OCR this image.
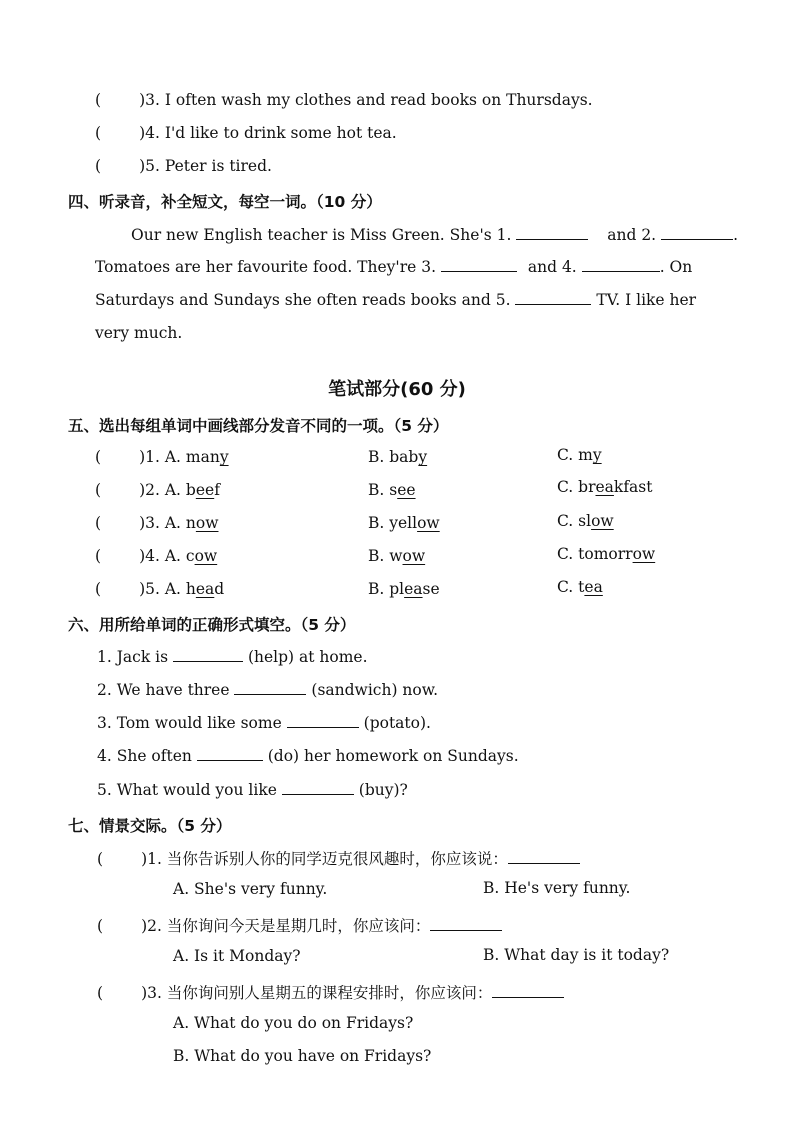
( )3. I often wash my clothes and read books on Thursdays.
( )4. I'd like to drink some hot tea.
( )5. Peter is tired.
四、听录音，补全短文，每空一词。（10 分）
Our new English teacher is Miss Green. She's 1.	and 2.	.
Tomatoes are her favourite food. They're 3.	and 4.	. On
Saturdays and Sundays she often reads books and 5.	TV. I like her
very much.
笔试部分(60 分)
五、选出每组单词中画线部分发音不同的一项。（5 分）
( )1. A. many	B. baby	C. my
( )2. A. beef	B. see	C. breakfast
( )3. A. now	B. yellow	C. slow
( )4. A. cow	B. wow	C. tomorrow
( )5. A. head	B. please	C. tea
六、用所给单词的正确形式填空。（5 分）
1. Jack is	(help) at home.
2. We have three	(sandwich) now.
3. Tom would like some	(potato).
4. She often	(do) her homework on Sundays.
5. What would you like	(buy)?
七、情景交际。（5 分）
( )1. 当你告诉别人你的同学迈克很风趣时，你应该说：
A. She's very funny.	B. He's very funny.
( )2. 当你询问今天是星期几时，你应该问：
A. Is it Monday?	B. What day is it today?
( )3. 当你询问别人星期五的课程安排时，你应该问：
A. What do you do on Fridays?
B. What do you have on Fridays?
